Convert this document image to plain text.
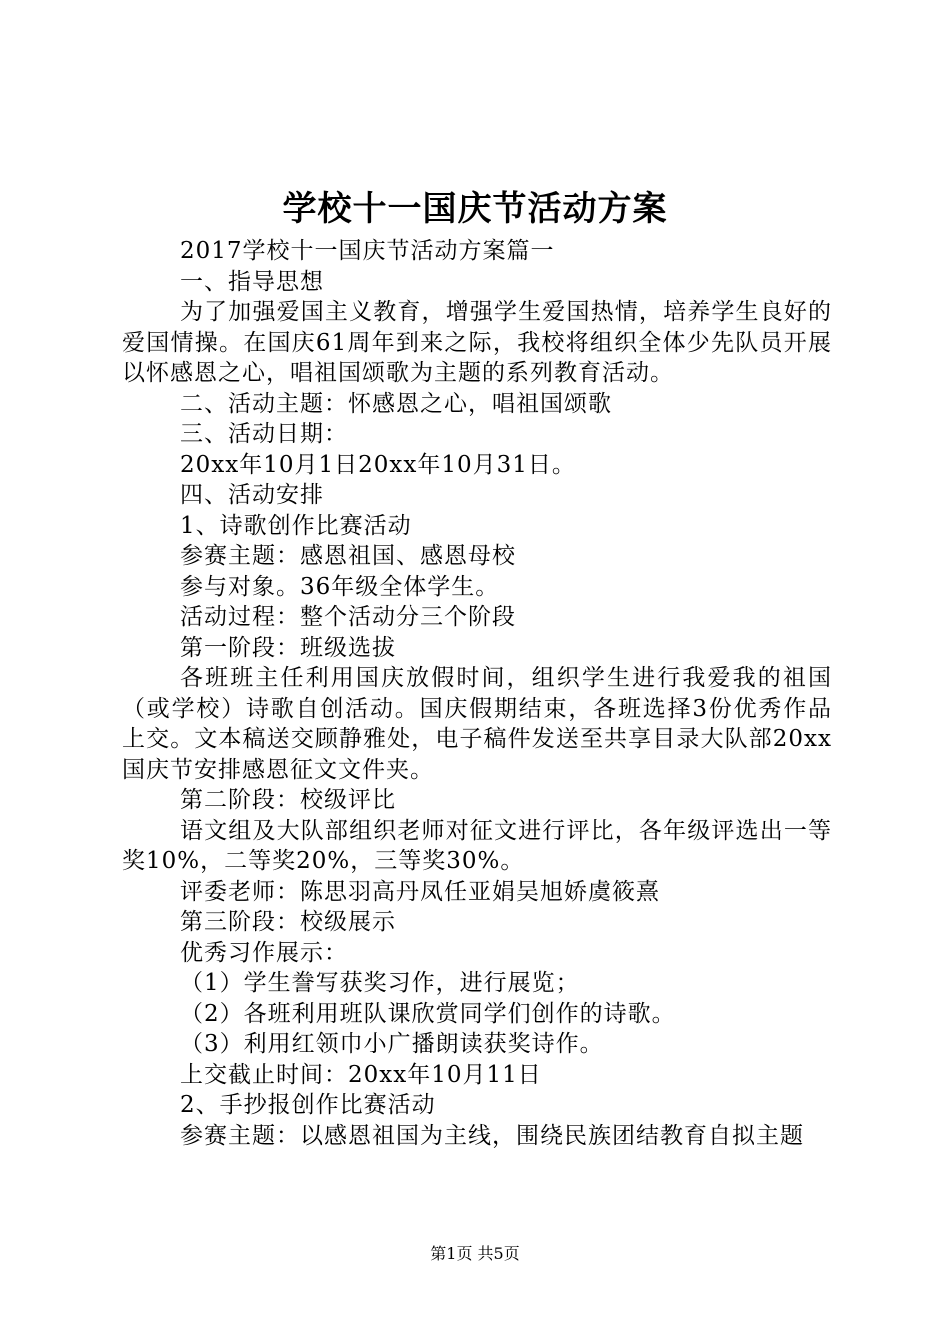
学校十一国庆节活动方案

2017学校十一国庆节活动方案篇一

一、指导思想

为了加强爱国主义教育，增强学生爱国热情，培养学生良好的爱国情操。在国庆61周年到来之际，我校将组织全体少先队员开展以怀感恩之心，唱祖国颂歌为主题的系列教育活动。

二、活动主题：怀感恩之心，唱祖国颂歌

三、活动日期：

20xx年10月1日20xx年10月31日。

四、活动安排

1、诗歌创作比赛活动

参赛主题：感恩祖国、感恩母校

参与对象。36年级全体学生。

活动过程：整个活动分三个阶段

第一阶段：班级选拔

各班班主任利用国庆放假时间，组织学生进行我爱我的祖国（或学校）诗歌自创活动。国庆假期结束，各班选择3份优秀作品上交。文本稿送交顾静雅处，电子稿件发送至共享目录大队部20xx国庆节安排感恩征文文件夹。

第二阶段：校级评比

语文组及大队部组织老师对征文进行评比，各年级评选出一等奖10%，二等奖20%，三等奖30%。

评委老师：陈思羽高丹凤任亚娟吴旭娇虞筱熹

第三阶段：校级展示

优秀习作展示：

（1）学生誊写获奖习作，进行展览；

（2）各班利用班队课欣赏同学们创作的诗歌。

（3）利用红领巾小广播朗读获奖诗作。

上交截止时间：20xx年10月11日

2、手抄报创作比赛活动

参赛主题：以感恩祖国为主线，围绕民族团结教育自拟主题

第1页 共5页
